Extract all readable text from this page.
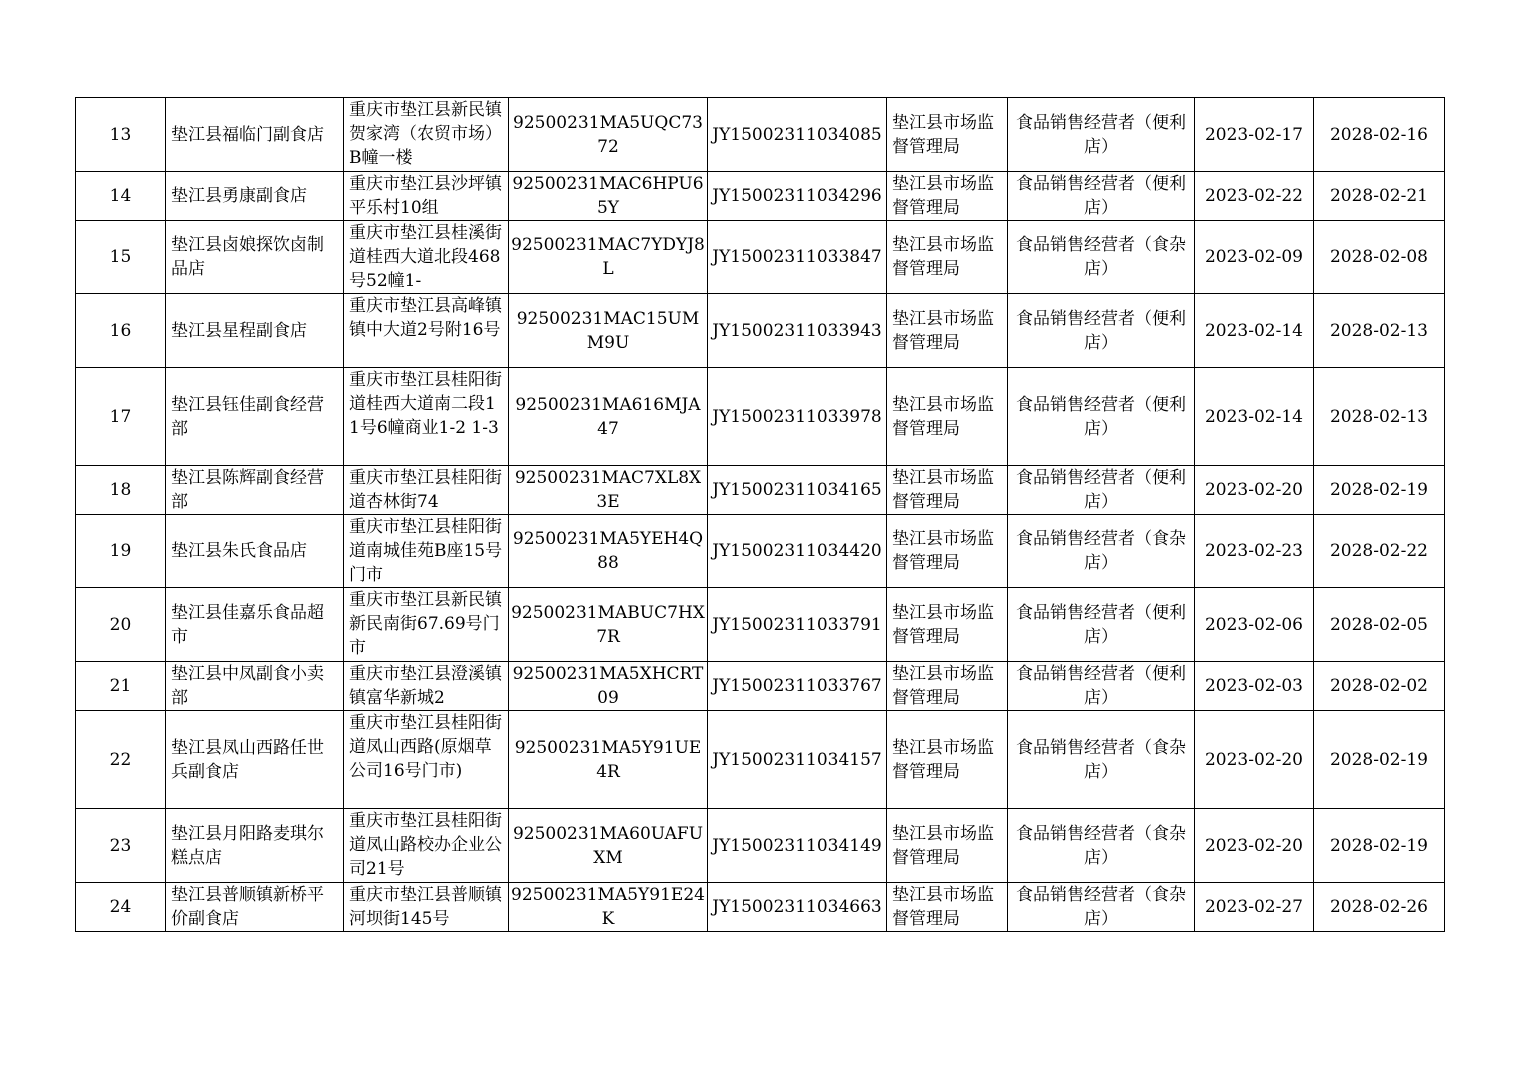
13	垫江县福临门副食店	重庆市垫江县新民镇贺家湾（农贸市场）B幢一楼	92500231MA5UQC7372	JY15002311034085	垫江县市场监督管理局	食品销售经营者（便利店）	2023-02-17	2028-02-16

14	垫江县勇康副食店	重庆市垫江县沙坪镇平乐村10组	92500231MAC6HPU65Y	JY15002311034296	垫江县市场监督管理局	食品销售经营者（便利店）	2023-02-22	2028-02-21

15	垫江县卤娘探饮卤制品店	重庆市垫江县桂溪街道桂西大道北段468号52幢1-	92500231MAC7YDYJ8L	JY15002311033847	垫江县市场监督管理局	食品销售经营者（食杂店）	2023-02-09	2028-02-08

16	垫江县星程副食店	重庆市垫江县高峰镇镇中大道2号附16号	92500231MAC15UMM9U	JY15002311033943	垫江县市场监督管理局	食品销售经营者（便利店）	2023-02-14	2028-02-13

17	垫江县钰佳副食经营部	重庆市垫江县桂阳街道桂西大道南二段11号6幢商业1-2 1-3	92500231MA616MJA47	JY15002311033978	垫江县市场监督管理局	食品销售经营者（便利店）	2023-02-14	2028-02-13

18	垫江县陈辉副食经营部	重庆市垫江县桂阳街道杏林街74	92500231MAC7XL8X3E	JY15002311034165	垫江县市场监督管理局	食品销售经营者（便利店）	2023-02-20	2028-02-19

19	垫江县朱氏食品店	重庆市垫江县桂阳街道南城佳苑B座15号门市	92500231MA5YEH4Q88	JY15002311034420	垫江县市场监督管理局	食品销售经营者（食杂店）	2023-02-23	2028-02-22

20	垫江县佳嘉乐食品超市	重庆市垫江县新民镇新民南街67.69号门市	92500231MABUC7HX7R	JY15002311033791	垫江县市场监督管理局	食品销售经营者（便利店）	2023-02-06	2028-02-05

21	垫江县中凤副食小卖部	重庆市垫江县澄溪镇镇富华新城2	92500231MA5XHCRT09	JY15002311033767	垫江县市场监督管理局	食品销售经营者（便利店）	2023-02-03	2028-02-02

22	垫江县凤山西路任世兵副食店	重庆市垫江县桂阳街道凤山西路(原烟草公司16号门市)	92500231MA5Y91UE4R	JY15002311034157	垫江县市场监督管理局	食品销售经营者（食杂店）	2023-02-20	2028-02-19

23	垫江县月阳路麦琪尔糕点店	重庆市垫江县桂阳街道凤山路校办企业公司21号	92500231MA60UAFUXM	JY15002311034149	垫江县市场监督管理局	食品销售经营者（食杂店）	2023-02-20	2028-02-19

24	垫江县普顺镇新桥平价副食店	重庆市垫江县普顺镇河坝街145号	92500231MA5Y91E24K	JY15002311034663	垫江县市场监督管理局	食品销售经营者（食杂店）	2023-02-27	2028-02-26
